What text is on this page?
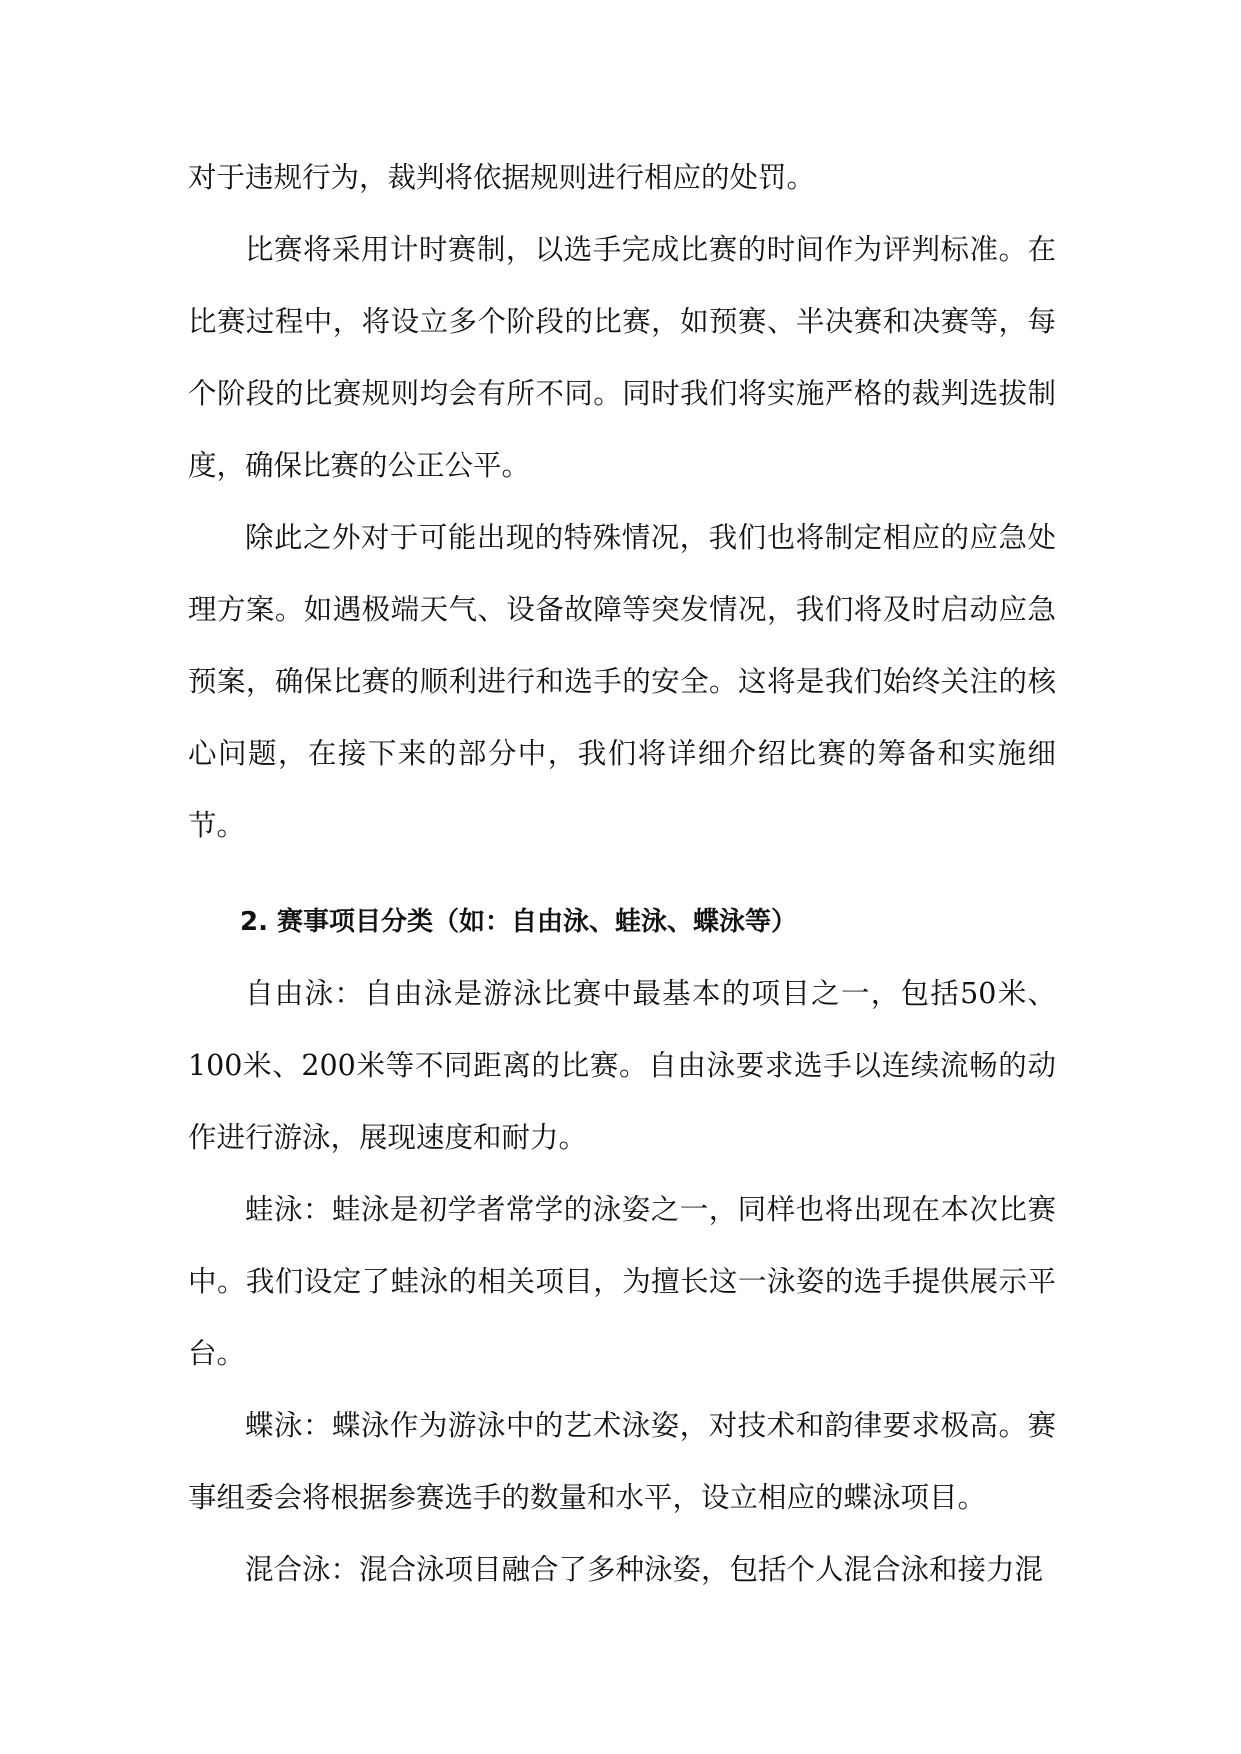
对于违规行为，裁判将依据规则进行相应的处罚。

比赛将采用计时赛制，以选手完成比赛的时间作为评判标准。在比赛过程中，将设立多个阶段的比赛，如预赛、半决赛和决赛等，每个阶段的比赛规则均会有所不同。同时我们将实施严格的裁判选拔制度，确保比赛的公正公平。

除此之外对于可能出现的特殊情况，我们也将制定相应的应急处理方案。如遇极端天气、设备故障等突发情况，我们将及时启动应急预案，确保比赛的顺利进行和选手的安全。这将是我们始终关注的核心问题，在接下来的部分中，我们将详细介绍比赛的筹备和实施细节。

2. 赛事项目分类（如：自由泳、蛙泳、蝶泳等）

自由泳：自由泳是游泳比赛中最基本的项目之一，包括50米、100米、200米等不同距离的比赛。自由泳要求选手以连续流畅的动作进行游泳，展现速度和耐力。

蛙泳：蛙泳是初学者常学的泳姿之一，同样也将出现在本次比赛中。我们设定了蛙泳的相关项目，为擅长这一泳姿的选手提供展示平台。

蝶泳：蝶泳作为游泳中的艺术泳姿，对技术和韵律要求极高。赛事组委会将根据参赛选手的数量和水平，设立相应的蝶泳项目。

混合泳：混合泳项目融合了多种泳姿，包括个人混合泳和接力混
